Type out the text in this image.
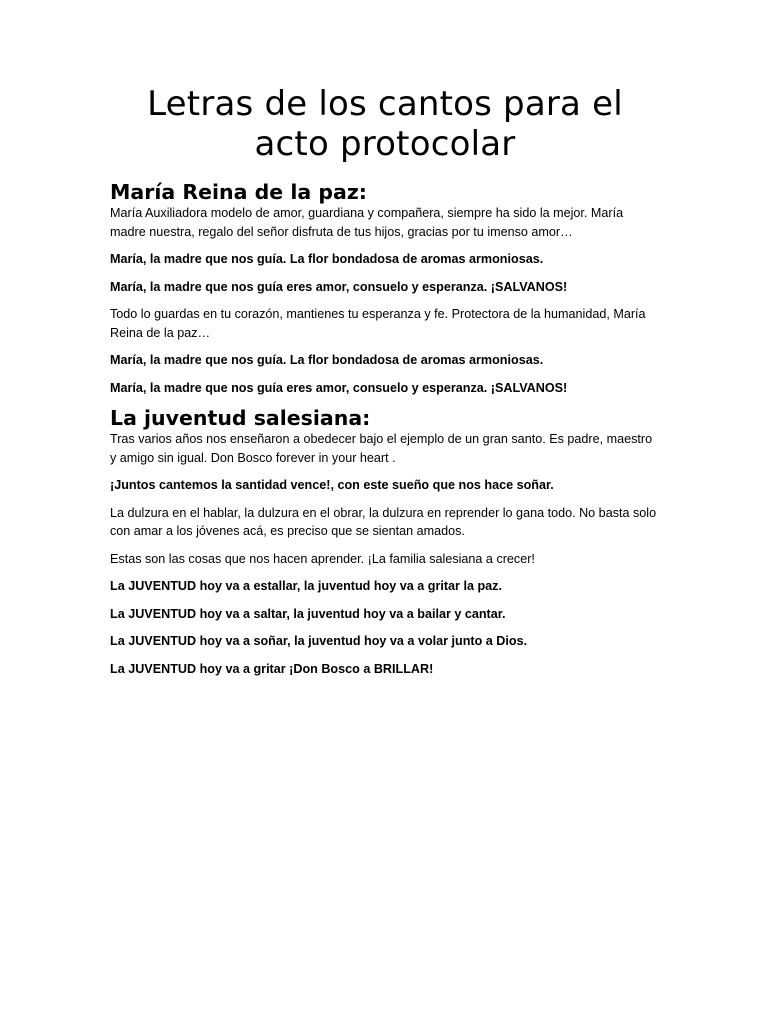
Letras de los cantos para el acto protocolar
María Reina de la paz:

María Auxiliadora modelo de amor, guardiana y compañera, siempre ha sido la mejor. María madre nuestra, regalo del señor disfruta de tus hijos, gracias por tu imenso amor…

María, la madre que nos guía. La flor bondadosa de aromas armoniosas.

María, la madre que nos guía eres amor, consuelo y esperanza. ¡SALVANOS!

Todo lo guardas en tu corazón, mantienes tu esperanza y fe. Protectora de la humanidad, María Reina de la paz…

María, la madre que nos guía. La flor bondadosa de aromas armoniosas.

María, la madre que nos guía eres amor, consuelo y esperanza. ¡SALVANOS!

La juventud salesiana:

Tras varios años nos enseñaron a obedecer bajo el ejemplo de un gran santo. Es padre, maestro y amigo sin igual. Don Bosco forever in your heart .

¡Juntos cantemos la santidad vence!, con este sueño que nos hace soñar.

La dulzura en el hablar, la dulzura en el obrar, la dulzura en reprender lo gana todo. No basta solo con amar a los jóvenes acá, es preciso que se sientan amados.

Estas son las cosas que nos hacen aprender. ¡La familia salesiana a crecer!

La JUVENTUD hoy va a estallar, la juventud hoy va a gritar la paz.

La JUVENTUD hoy va a saltar, la juventud hoy va a bailar y cantar.

La JUVENTUD hoy va a soñar, la juventud hoy va a volar junto a Dios.

La JUVENTUD hoy va a gritar ¡Don Bosco a BRILLAR!
